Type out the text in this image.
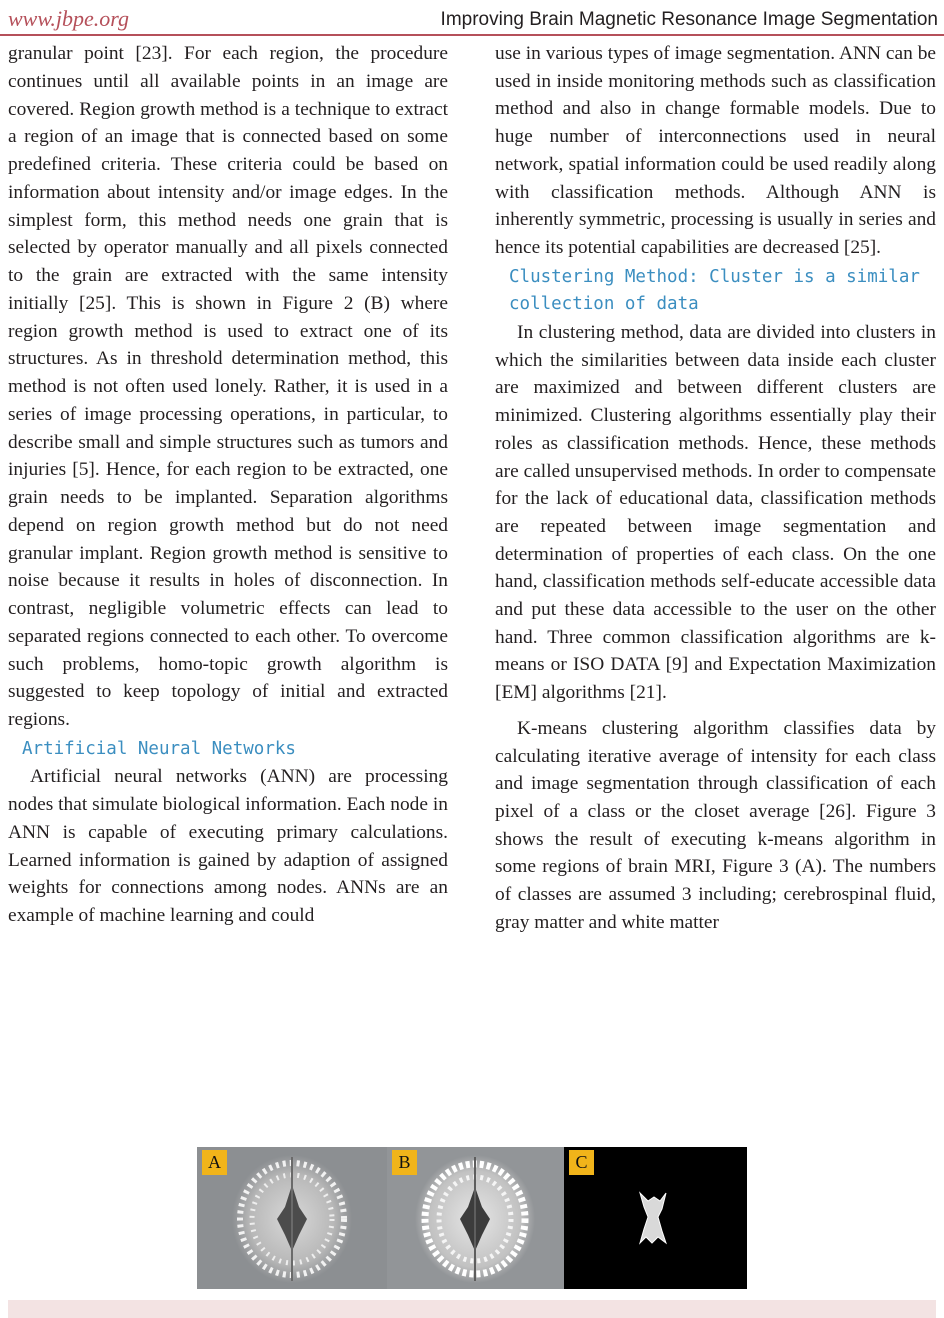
www.jbpe.org	Improving Brain Magnetic Resonance Image Segmentation

granular point [23]. For each region, the procedure continues until all available points in an image are covered. Region growth method is a technique to extract a region of an image that is connected based on some predefined criteria. These criteria could be based on information about intensity and/or image edges. In the simplest form, this method needs one grain that is selected by operator manually and all pixels connected to the grain are extracted with the same intensity initially [25]. This is shown in Figure 2 (B) where region growth method is used to extract one of its structures. As in threshold determination method, this method is not often used lonely. Rather, it is used in a series of image processing operations, in particular, to describe small and simple structures such as tumors and injuries [5]. Hence, for each region to be extracted, one grain needs to be implanted. Separation algorithms depend on region growth method but do not need granular implant. Region growth method is sensitive to noise because it results in holes of disconnection. In contrast, negligible volumetric effects can lead to separated regions connected to each other. To overcome such problems, homo-topic growth algorithm is suggested to keep topology of initial and extracted regions.

Artificial Neural Networks

Artificial neural networks (ANN) are processing nodes that simulate biological information. Each node in ANN is capable of executing primary calculations. Learned information is gained by adaption of assigned weights for connections among nodes. ANNs are an example of machine learning and could

use in various types of image segmentation. ANN can be used in inside monitoring methods such as classification method and also in change formable models. Due to huge number of interconnections used in neural network, spatial information could be used readily along with classification methods. Although ANN is inherently symmetric, processing is usually in series and hence its potential capabilities are decreased [25].

Clustering Method: Cluster is a similar collection of data

In clustering method, data are divided into clusters in which the similarities between data inside each cluster are maximized and between different clusters are minimized. Clustering algorithms essentially play their roles as classification methods. Hence, these methods are called unsupervised methods. In order to compensate for the lack of educational data, classification methods are repeated between image segmentation and determination of properties of each class. On the one hand, classification methods self-educate accessible data and put these data accessible to the user on the other hand. Three common classification algorithms are k-means or ISO DATA [9] and Expectation Maximization [EM] algorithms [21].

K-means clustering algorithm classifies data by calculating iterative average of intensity for each class and image segmentation through classification of each pixel of a class or the closet average [26]. Figure 3 shows the result of executing k-means algorithm in some regions of brain MRI, Figure 3 (A). The numbers of classes are assumed 3 including; cerebrospinal fluid, gray matter and white matter

A	B	C
